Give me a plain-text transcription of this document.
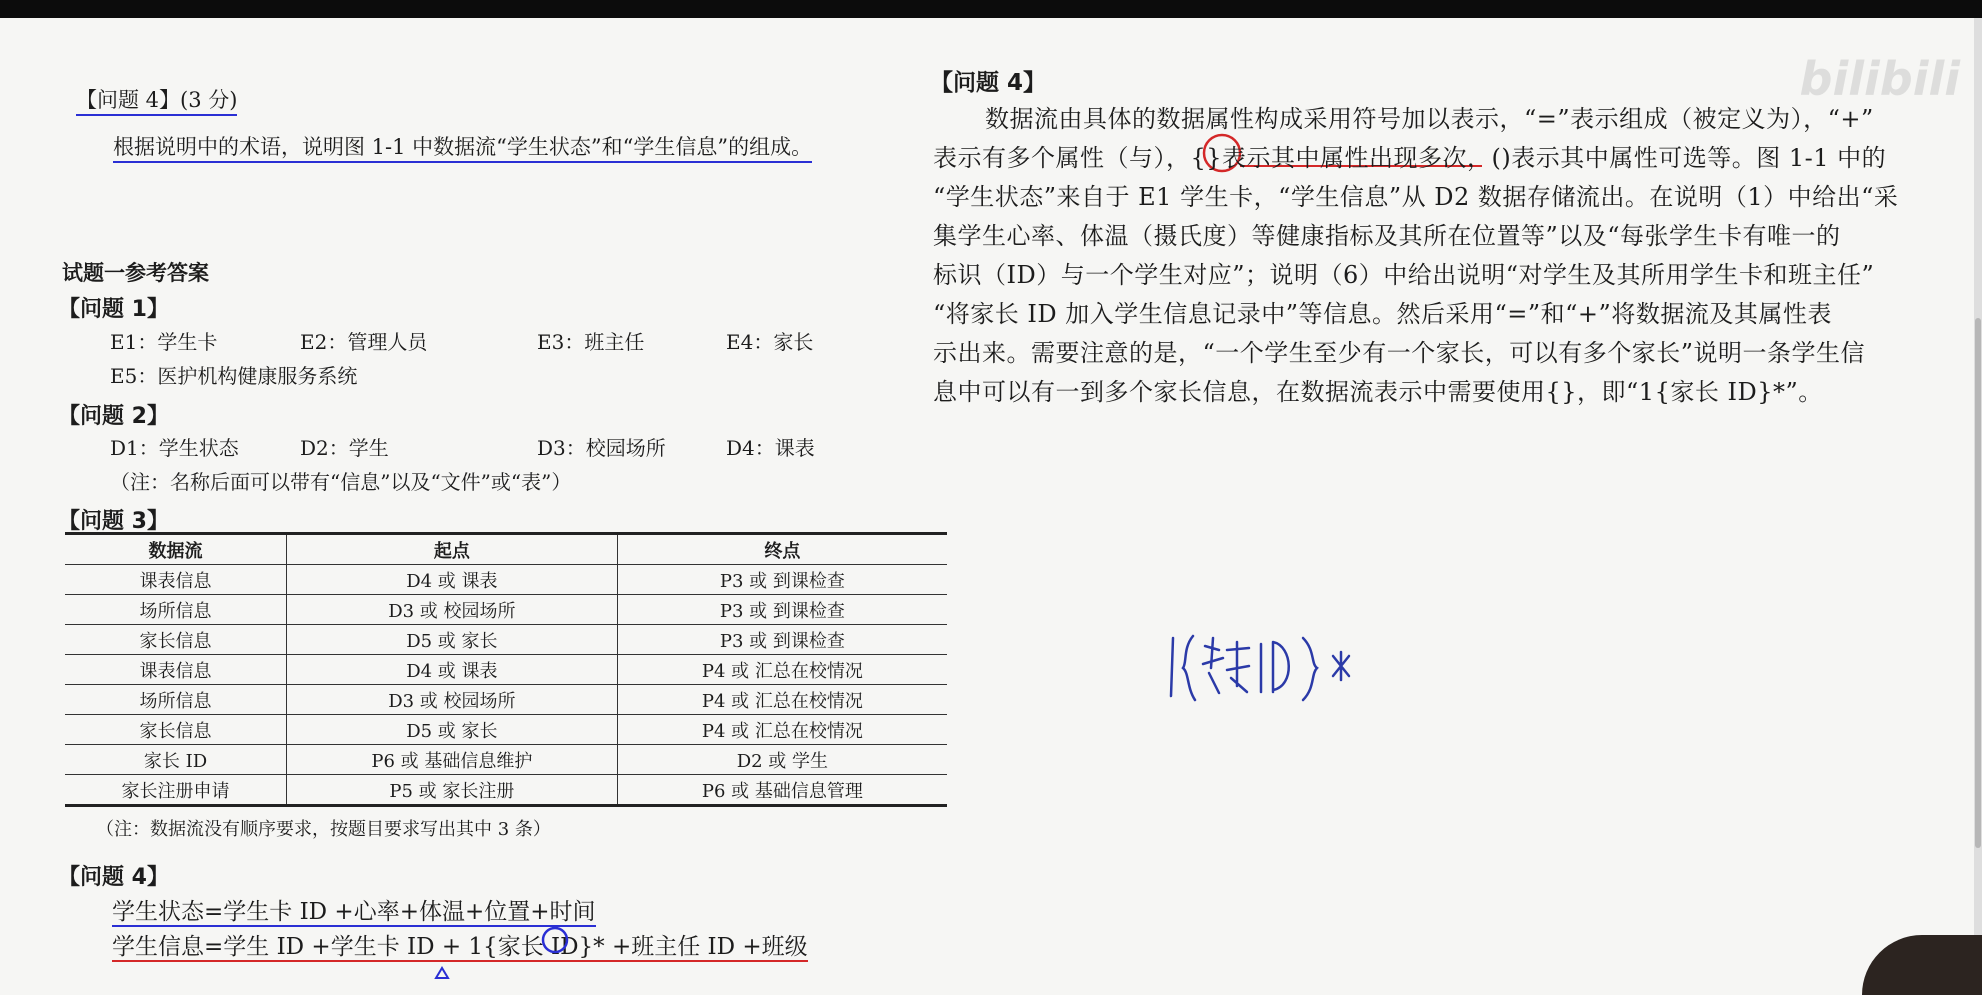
bilibili
【问题 4】(3 分)
根据说明中的术语，说明图 1-1 中数据流“学生状态”和“学生信息”的组成。
试题一参考答案
【问题 1】
E1：学生卡	E2：管理人员	E3：班主任	E4：家长
E5：医护机构健康服务系统
【问题 2】
D1：学生状态	D2：学生	D3：校园场所	D4：课表
（注：名称后面可以带有“信息”以及“文件”或“表”）
【问题 3】
数据流	起点	终点
课表信息	D4 或 课表	P3 或 到课检查
场所信息	D3 或 校园场所	P3 或 到课检查
家长信息	D5 或 家长	P3 或 到课检查
课表信息	D4 或 课表	P4 或 汇总在校情况
场所信息	D3 或 校园场所	P4 或 汇总在校情况
家长信息	D5 或 家长	P4 或 汇总在校情况
家长 ID	P6 或 基础信息维护	D2 或 学生
家长注册申请	P5 或 家长注册	P6 或 基础信息管理
（注：数据流没有顺序要求，按题目要求写出其中 3 条）
【问题 4】
学生状态=学生卡 ID +心率+体温+位置+时间
学生信息=学生 ID +学生卡 ID + 1{家长 ID}* +班主任 ID +班级
【问题 4】
数据流由具体的数据属性构成采用符号加以表示，“=”表示组成（被定义为），“+”
表示有多个属性（与），{}表示其中属性出现多次，()表示其中属性可选等。图 1-1 中的
“学生状态”来自于 E1 学生卡，“学生信息”从 D2 数据存储流出。在说明（1）中给出“采
集学生心率、体温（摄氏度）等健康指标及其所在位置等”以及“每张学生卡有唯一的
标识（ID）与一个学生对应”；说明（6）中给出说明“对学生及其所用学生卡和班主任”
“将家长 ID 加入学生信息记录中”等信息。然后采用“=”和“+”将数据流及其属性表
示出来。需要注意的是，“一个学生至少有一个家长，可以有多个家长”说明一条学生信
息中可以有一到多个家长信息，在数据流表示中需要使用{}，即“1{家长 ID}*”。
